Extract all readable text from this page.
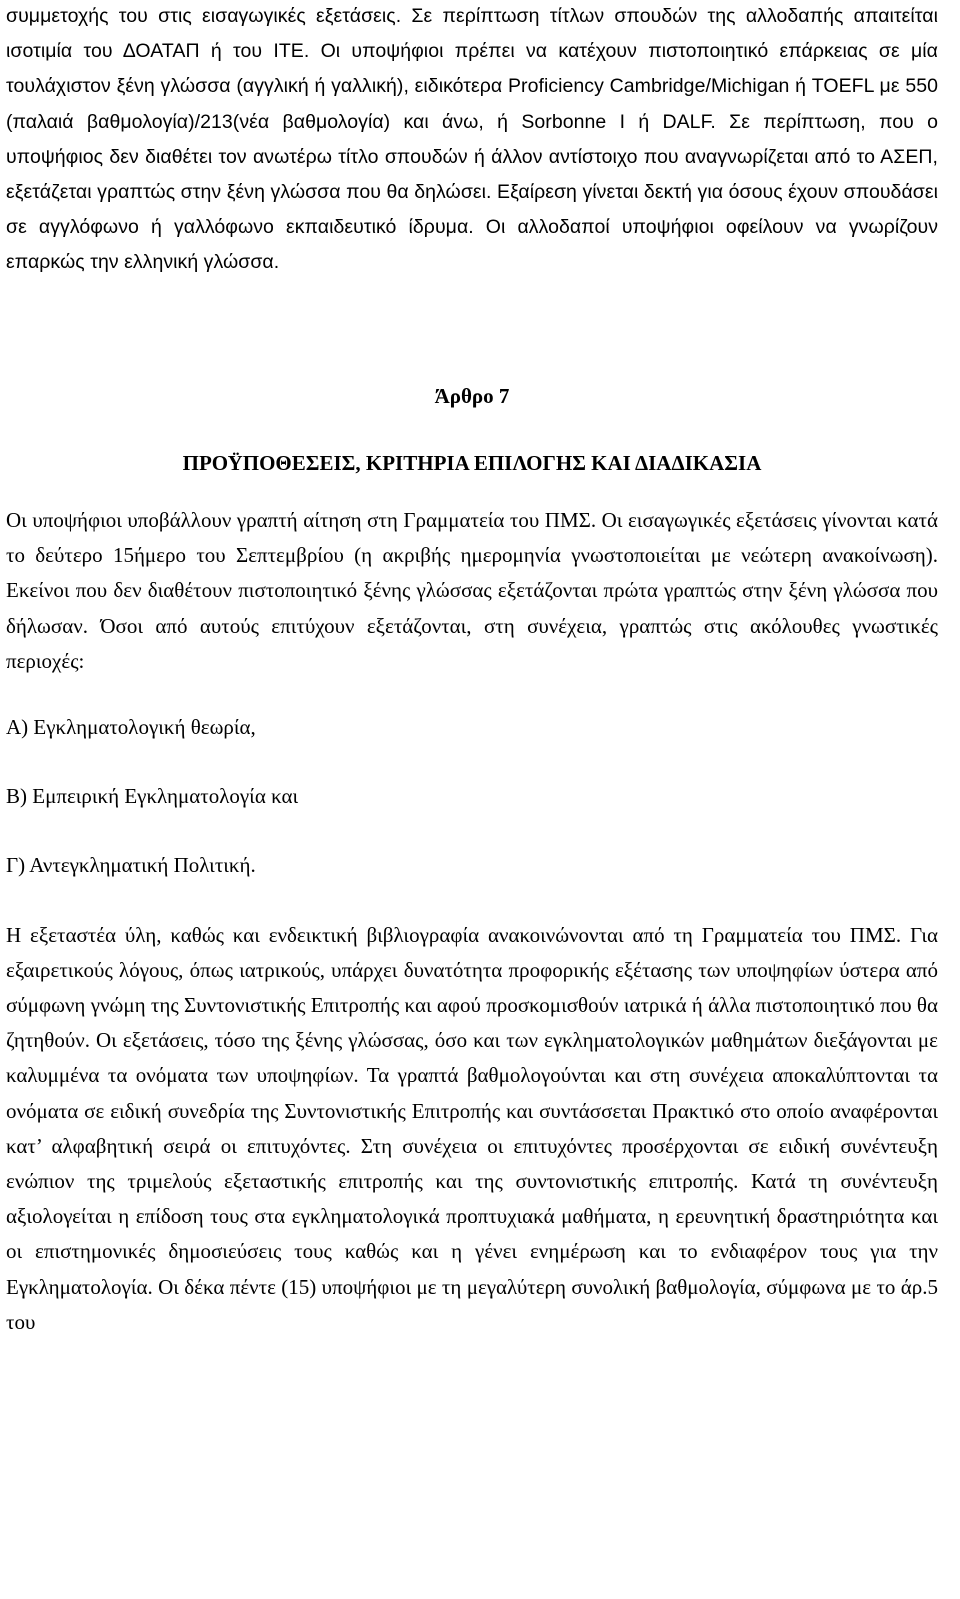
συμμετοχής του στις εισαγωγικές εξετάσεις. Σε περίπτωση τίτλων σπουδών της αλλοδαπής απαιτείται ισοτιμία του ΔΟΑΤΑΠ ή του ΙΤΕ. Οι υποψήφιοι πρέπει να κατέχουν πιστοποιητικό επάρκειας σε μία τουλάχιστον ξένη γλώσσα (αγγλική ή γαλλική), ειδικότερα Proficiency Cambridge/Michigan ή TOEFL με 550 (παλαιά βαθμολογία)/213(νέα βαθμολογία) και άνω, ή Sorbonne I ή DALF. Σε περίπτωση, που ο υποψήφιος δεν διαθέτει τον ανωτέρω τίτλο σπουδών ή άλλον αντίστοιχο που αναγνωρίζεται από το ΑΣΕΠ, εξετάζεται γραπτώς στην ξένη γλώσσα που θα δηλώσει. Εξαίρεση γίνεται δεκτή για όσους έχουν σπουδάσει σε αγγλόφωνο ή γαλλόφωνο εκπαιδευτικό ίδρυμα. Οι αλλοδαποί υποψήφιοι οφείλουν να γνωρίζουν επαρκώς την ελληνική γλώσσα.

Άρθρο 7

ΠΡΟΫΠΟΘΕΣΕΙΣ, ΚΡΙΤΗΡΙΑ ΕΠΙΛΟΓΗΣ ΚΑΙ ΔΙΑΔΙΚΑΣΙΑ

Οι υποψήφιοι υποβάλλουν γραπτή αίτηση στη Γραμματεία του ΠΜΣ. Οι εισαγωγικές εξετάσεις γίνονται κατά το δεύτερο 15ήμερο του Σεπτεμβρίου (η ακριβής ημερομηνία γνωστοποιείται με νεώτερη ανακοίνωση). Εκείνοι που δεν διαθέτουν πιστοποιητικό ξένης γλώσσας εξετάζονται πρώτα γραπτώς στην ξένη γλώσσα που δήλωσαν. Όσοι από αυτούς επιτύχουν εξετάζονται, στη συνέχεια, γραπτώς στις ακόλουθες γνωστικές περιοχές:

Α) Εγκληματολογική θεωρία,

Β) Εμπειρική Εγκληματολογία και

Γ) Αντεγκληματική Πολιτική.

Η εξεταστέα ύλη, καθώς και ενδεικτική βιβλιογραφία ανακοινώνονται από τη Γραμματεία του ΠΜΣ. Για εξαιρετικούς λόγους, όπως ιατρικούς, υπάρχει δυνατότητα προφορικής εξέτασης των υποψηφίων ύστερα από σύμφωνη γνώμη της Συντονιστικής Επιτροπής και αφού προσκομισθούν ιατρικά ή άλλα πιστοποιητικό που θα ζητηθούν. Οι εξετάσεις, τόσο της ξένης γλώσσας, όσο και των εγκληματολογικών μαθημάτων διεξάγονται με καλυμμένα τα ονόματα των υποψηφίων. Τα γραπτά βαθμολογούνται και στη συνέχεια αποκαλύπτονται τα ονόματα σε ειδική συνεδρία της Συντονιστικής Επιτροπής και συντάσσεται Πρακτικό στο οποίο αναφέρονται κατ’ αλφαβητική σειρά οι επιτυχόντες. Στη συνέχεια οι επιτυχόντες προσέρχονται σε ειδική συνέντευξη ενώπιον της τριμελούς εξεταστικής επιτροπής και της συντονιστικής επιτροπής. Κατά τη συνέντευξη αξιολογείται η επίδοση τους στα εγκληματολογικά προπτυχιακά μαθήματα, η ερευνητική δραστηριότητα και οι επιστημονικές δημοσιεύσεις τους καθώς και η γένει ενημέρωση και το ενδιαφέρον τους για την Εγκληματολογία. Οι δέκα πέντε (15) υποψήφιοι με τη μεγαλύτερη συνολική βαθμολογία, σύμφωνα με το άρ.5 του
